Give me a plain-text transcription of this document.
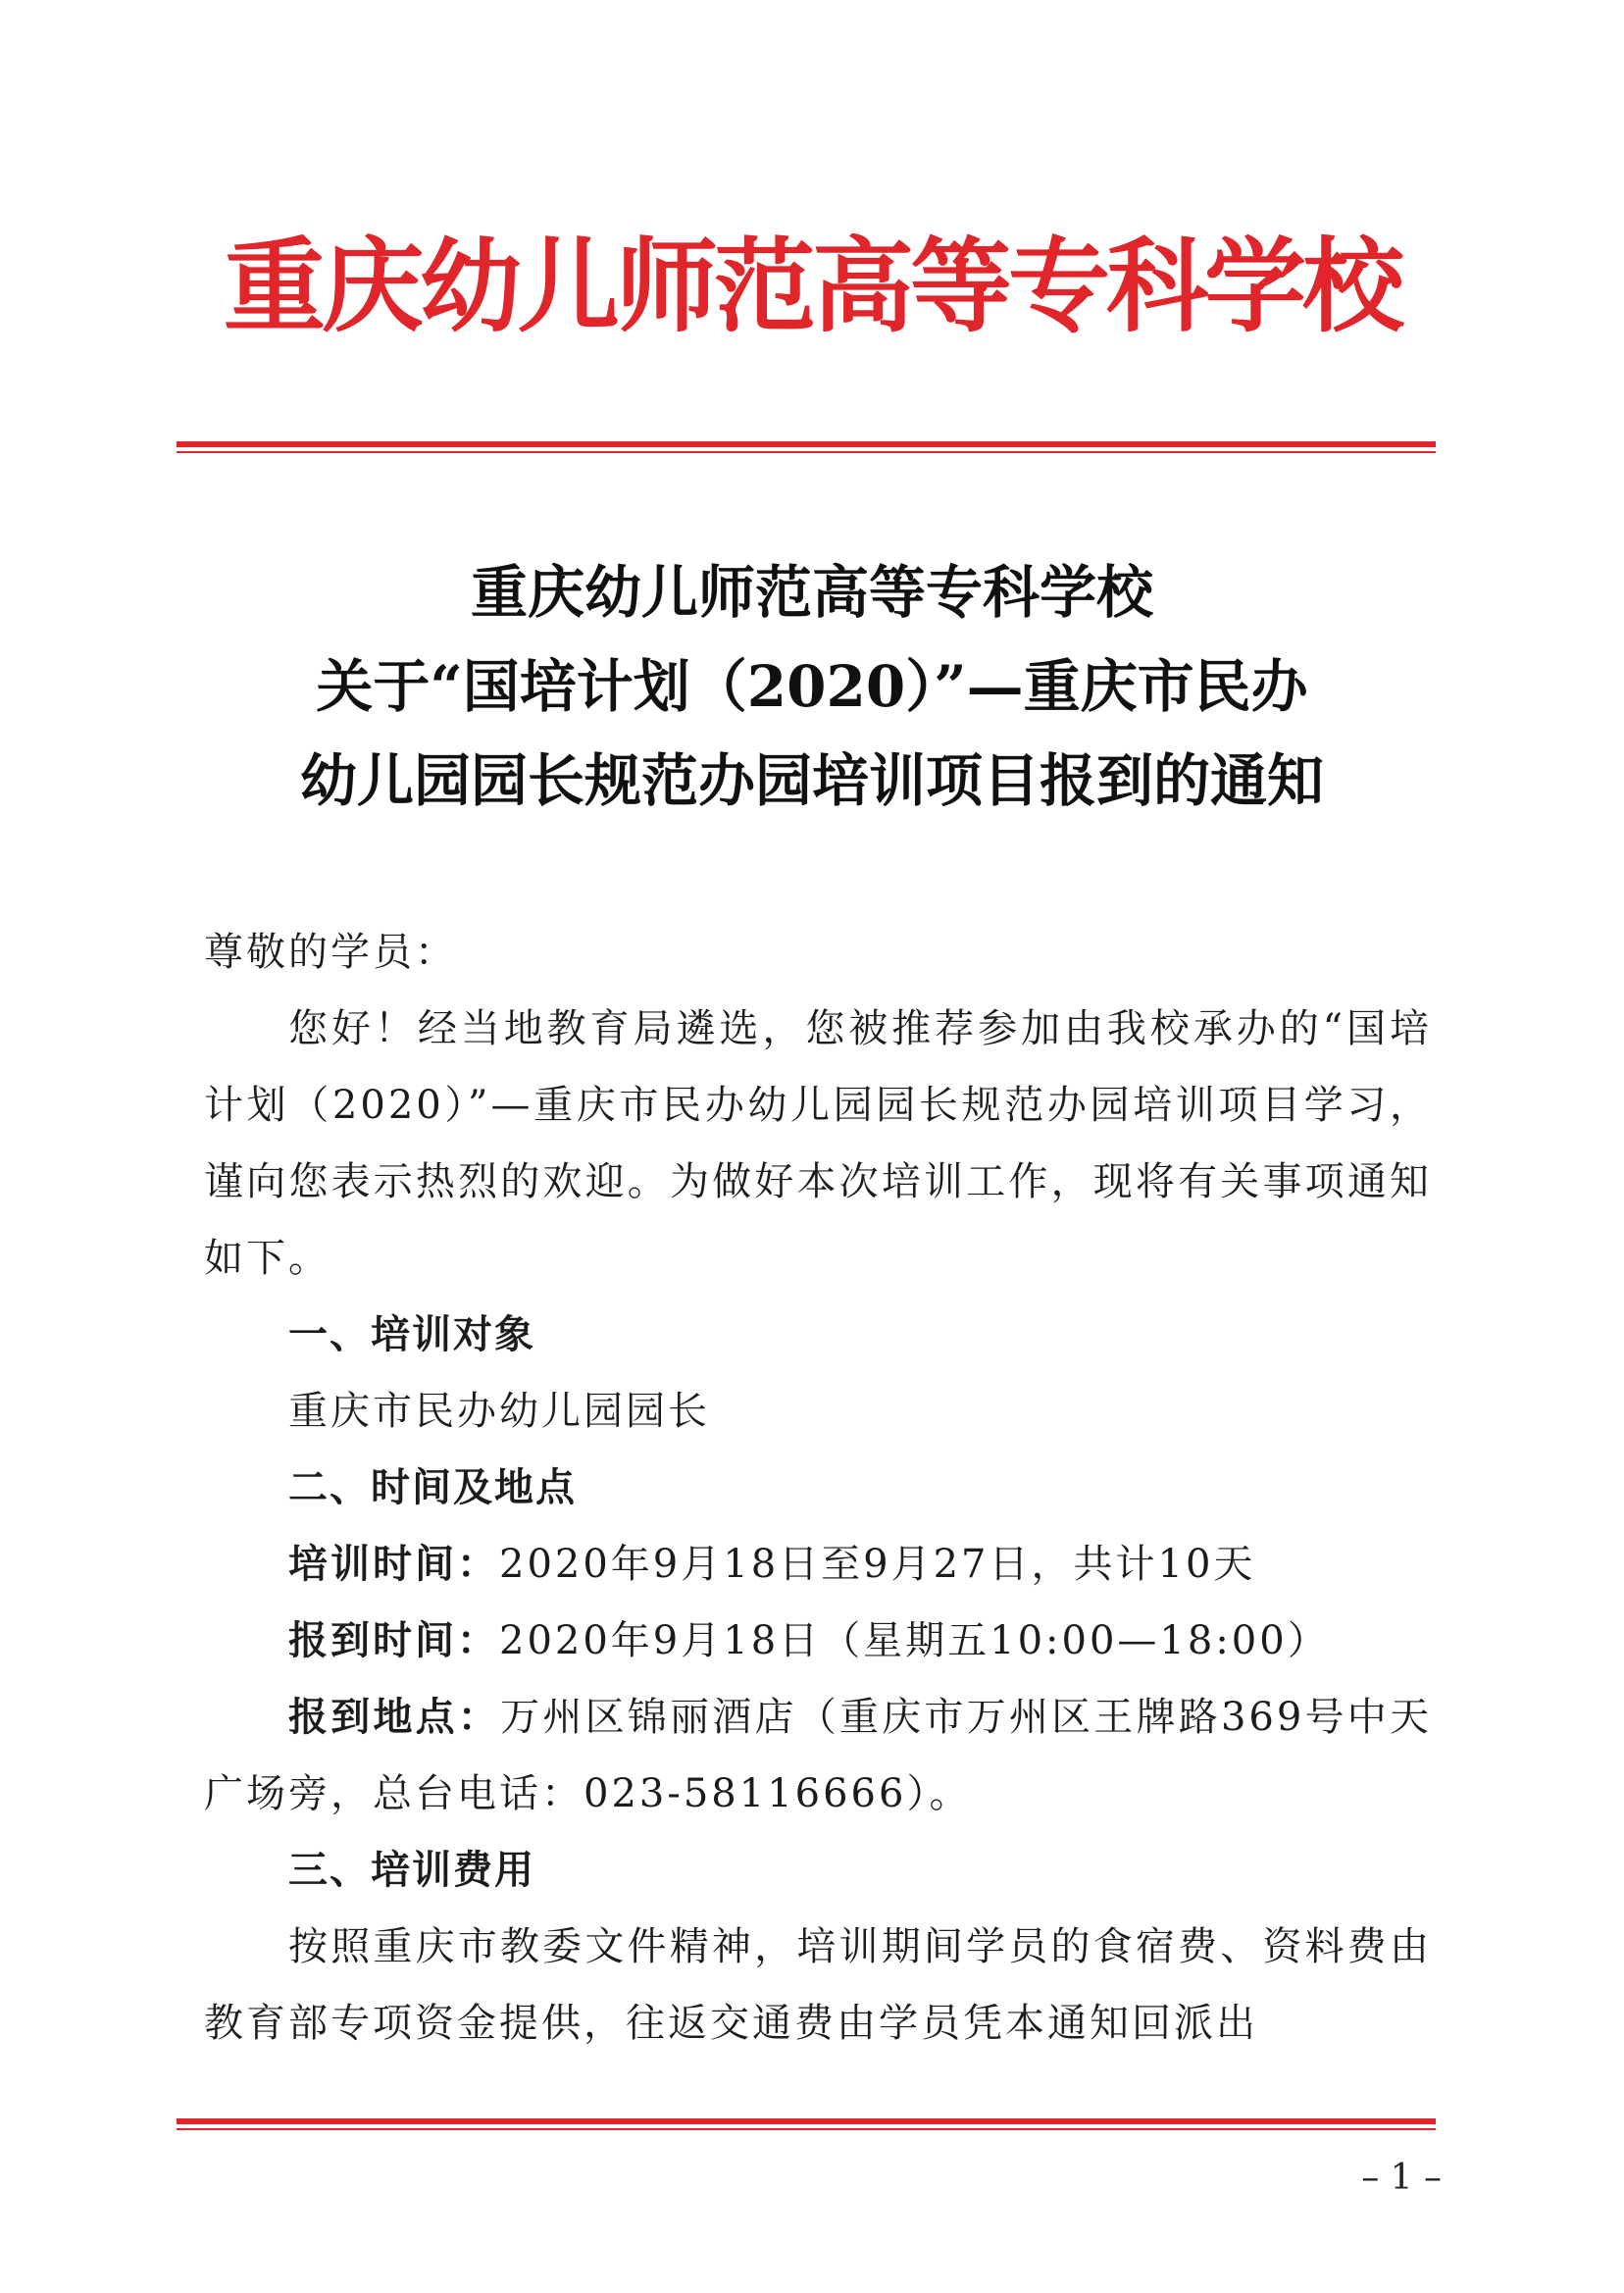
重庆幼儿师范高等专科学校
重庆幼儿师范高等专科学校
关于“国培计划（2020）”—重庆市民办
幼儿园园长规范办园培训项目报到的通知

尊敬的学员：

您好！经当地教育局遴选，您被推荐参加由我校承办的“国培计划（2020）”—重庆市民办幼儿园园长规范办园培训项目学习，谨向您表示热烈的欢迎。为做好本次培训工作，现将有关事项通知如下。

一、培训对象

重庆市民办幼儿园园长

二、时间及地点

培训时间：2020年9月18日至9月27日，共计10天

报到时间：2020年9月18日（星期五10:00—18:00）

报到地点：万州区锦丽酒店（重庆市万州区王牌路369号中天广场旁，总台电话：023-58116666）。

三、培训费用

按照重庆市教委文件精神，培训期间学员的食宿费、资料费由教育部专项资金提供，往返交通费由学员凭本通知回派出

– 1 –
